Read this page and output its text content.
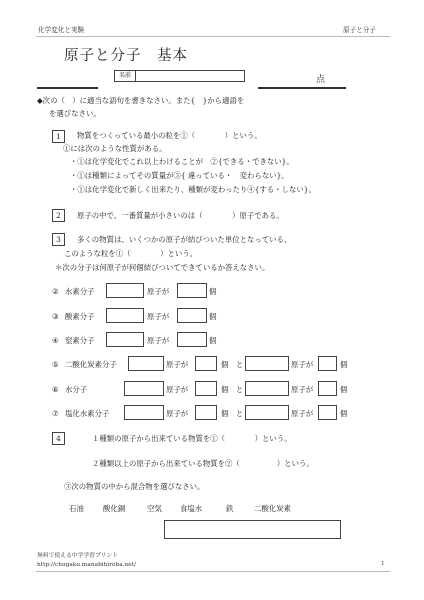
化学変化と実験	原子と分子
原子と分子　基本
名前	点
◆次の（　）に適当な語句を書きなさい。また{　}から適語を
を選びなさい。
1	物質をつくっている最小の粒を①（　　　　）という。
①には次のような性質がある。
・①は化学変化でこれ以上わけることが　②{できる・できない}。
・①は種類によってその質量が③{ 違っている・　変わらない}。
・①は化学変化で新しく出来たり、種類が変わったり④{する・しない}。
2	原子の中で、一番質量が小さいのは（　　　　）原子である。
3	多くの物質は、いくつかの原子が結びついた単位となっている、
このような粒を①（　　　　）という。
＊次の分子は何原子が何個結びついてできているか答えなさい。
② 水素分子	原子が	個
③ 酸素分子	原子が	個
④ 窒素分子	原子が	個
⑤ 二酸化炭素分子	原子が	個　と	原子が	個
⑥ 水分子	原子が	個　と	原子が	個
⑦ 塩化水素分子	原子が	個　と	原子が	個
4	１種類の原子から出来ている物質を①（　　　　）という。
２種類以上の原子から出来ている物質を②（　　　　　）という。
③次の物質の中から混合物を選びなさい。
石油	酸化銅	空気 食塩水	鉄	二酸化炭素
無料で使える中学学習プリント
http://chugaku.manabihiroba.net/	1
